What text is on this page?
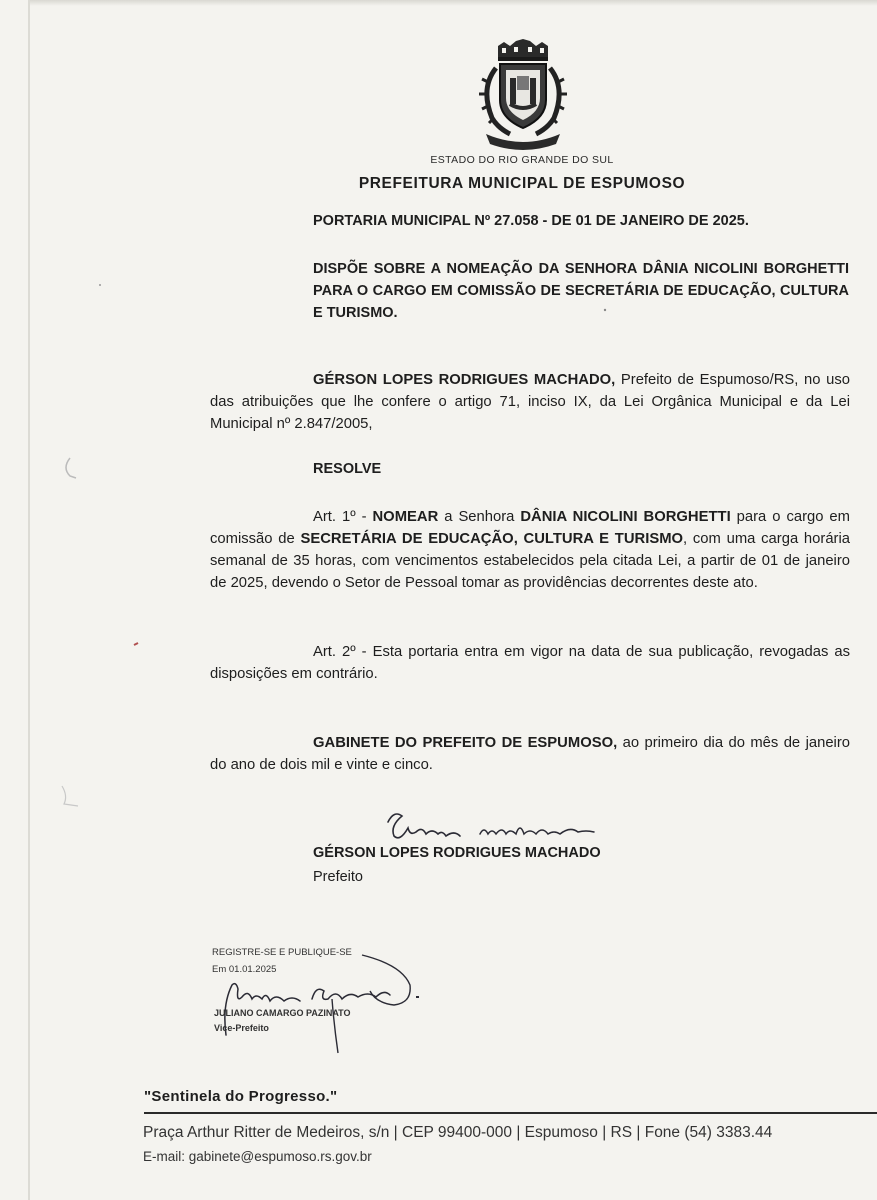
ESTADO DO RIO GRANDE DO SUL
PREFEITURA MUNICIPAL DE ESPUMOSO
PORTARIA MUNICIPAL Nº 27.058 - DE 01 DE JANEIRO DE 2025.
DISPÕE SOBRE A NOMEAÇÃO DA SENHORA DÂNIA NICOLINI BORGHETTI PARA O CARGO EM COMISSÃO DE SECRETÁRIA DE EDUCAÇÃO, CULTURA E TURISMO.
GÉRSON LOPES RODRIGUES MACHADO, Prefeito de Espumoso/RS, no uso das atribuições que lhe confere o artigo 71, inciso IX, da Lei Orgânica Municipal e da Lei Municipal nº 2.847/2005,
RESOLVE
Art. 1º - NOMEAR a Senhora DÂNIA NICOLINI BORGHETTI para o cargo em comissão de SECRETÁRIA DE EDUCAÇÃO, CULTURA E TURISMO, com uma carga horária semanal de 35 horas, com vencimentos estabelecidos pela citada Lei, a partir de 01 de janeiro de 2025, devendo o Setor de Pessoal tomar as providências decorrentes deste ato.
Art. 2º - Esta portaria entra em vigor na data de sua publicação, revogadas as disposições em contrário.
GABINETE DO PREFEITO DE ESPUMOSO, ao primeiro dia do mês de janeiro do ano de dois mil e vinte e cinco.
GÉRSON LOPES RODRIGUES MACHADO
Prefeito
REGISTRE-SE E PUBLIQUE-SE
Em 01.01.2025
JULIANO CAMARGO PAZINATO
Vice-Prefeito
"Sentinela do Progresso."
Praça Arthur Ritter de Medeiros, s/n | CEP 99400-000 | Espumoso | RS | Fone (54) 3383.44
E-mail: gabinete@espumoso.rs.gov.br
